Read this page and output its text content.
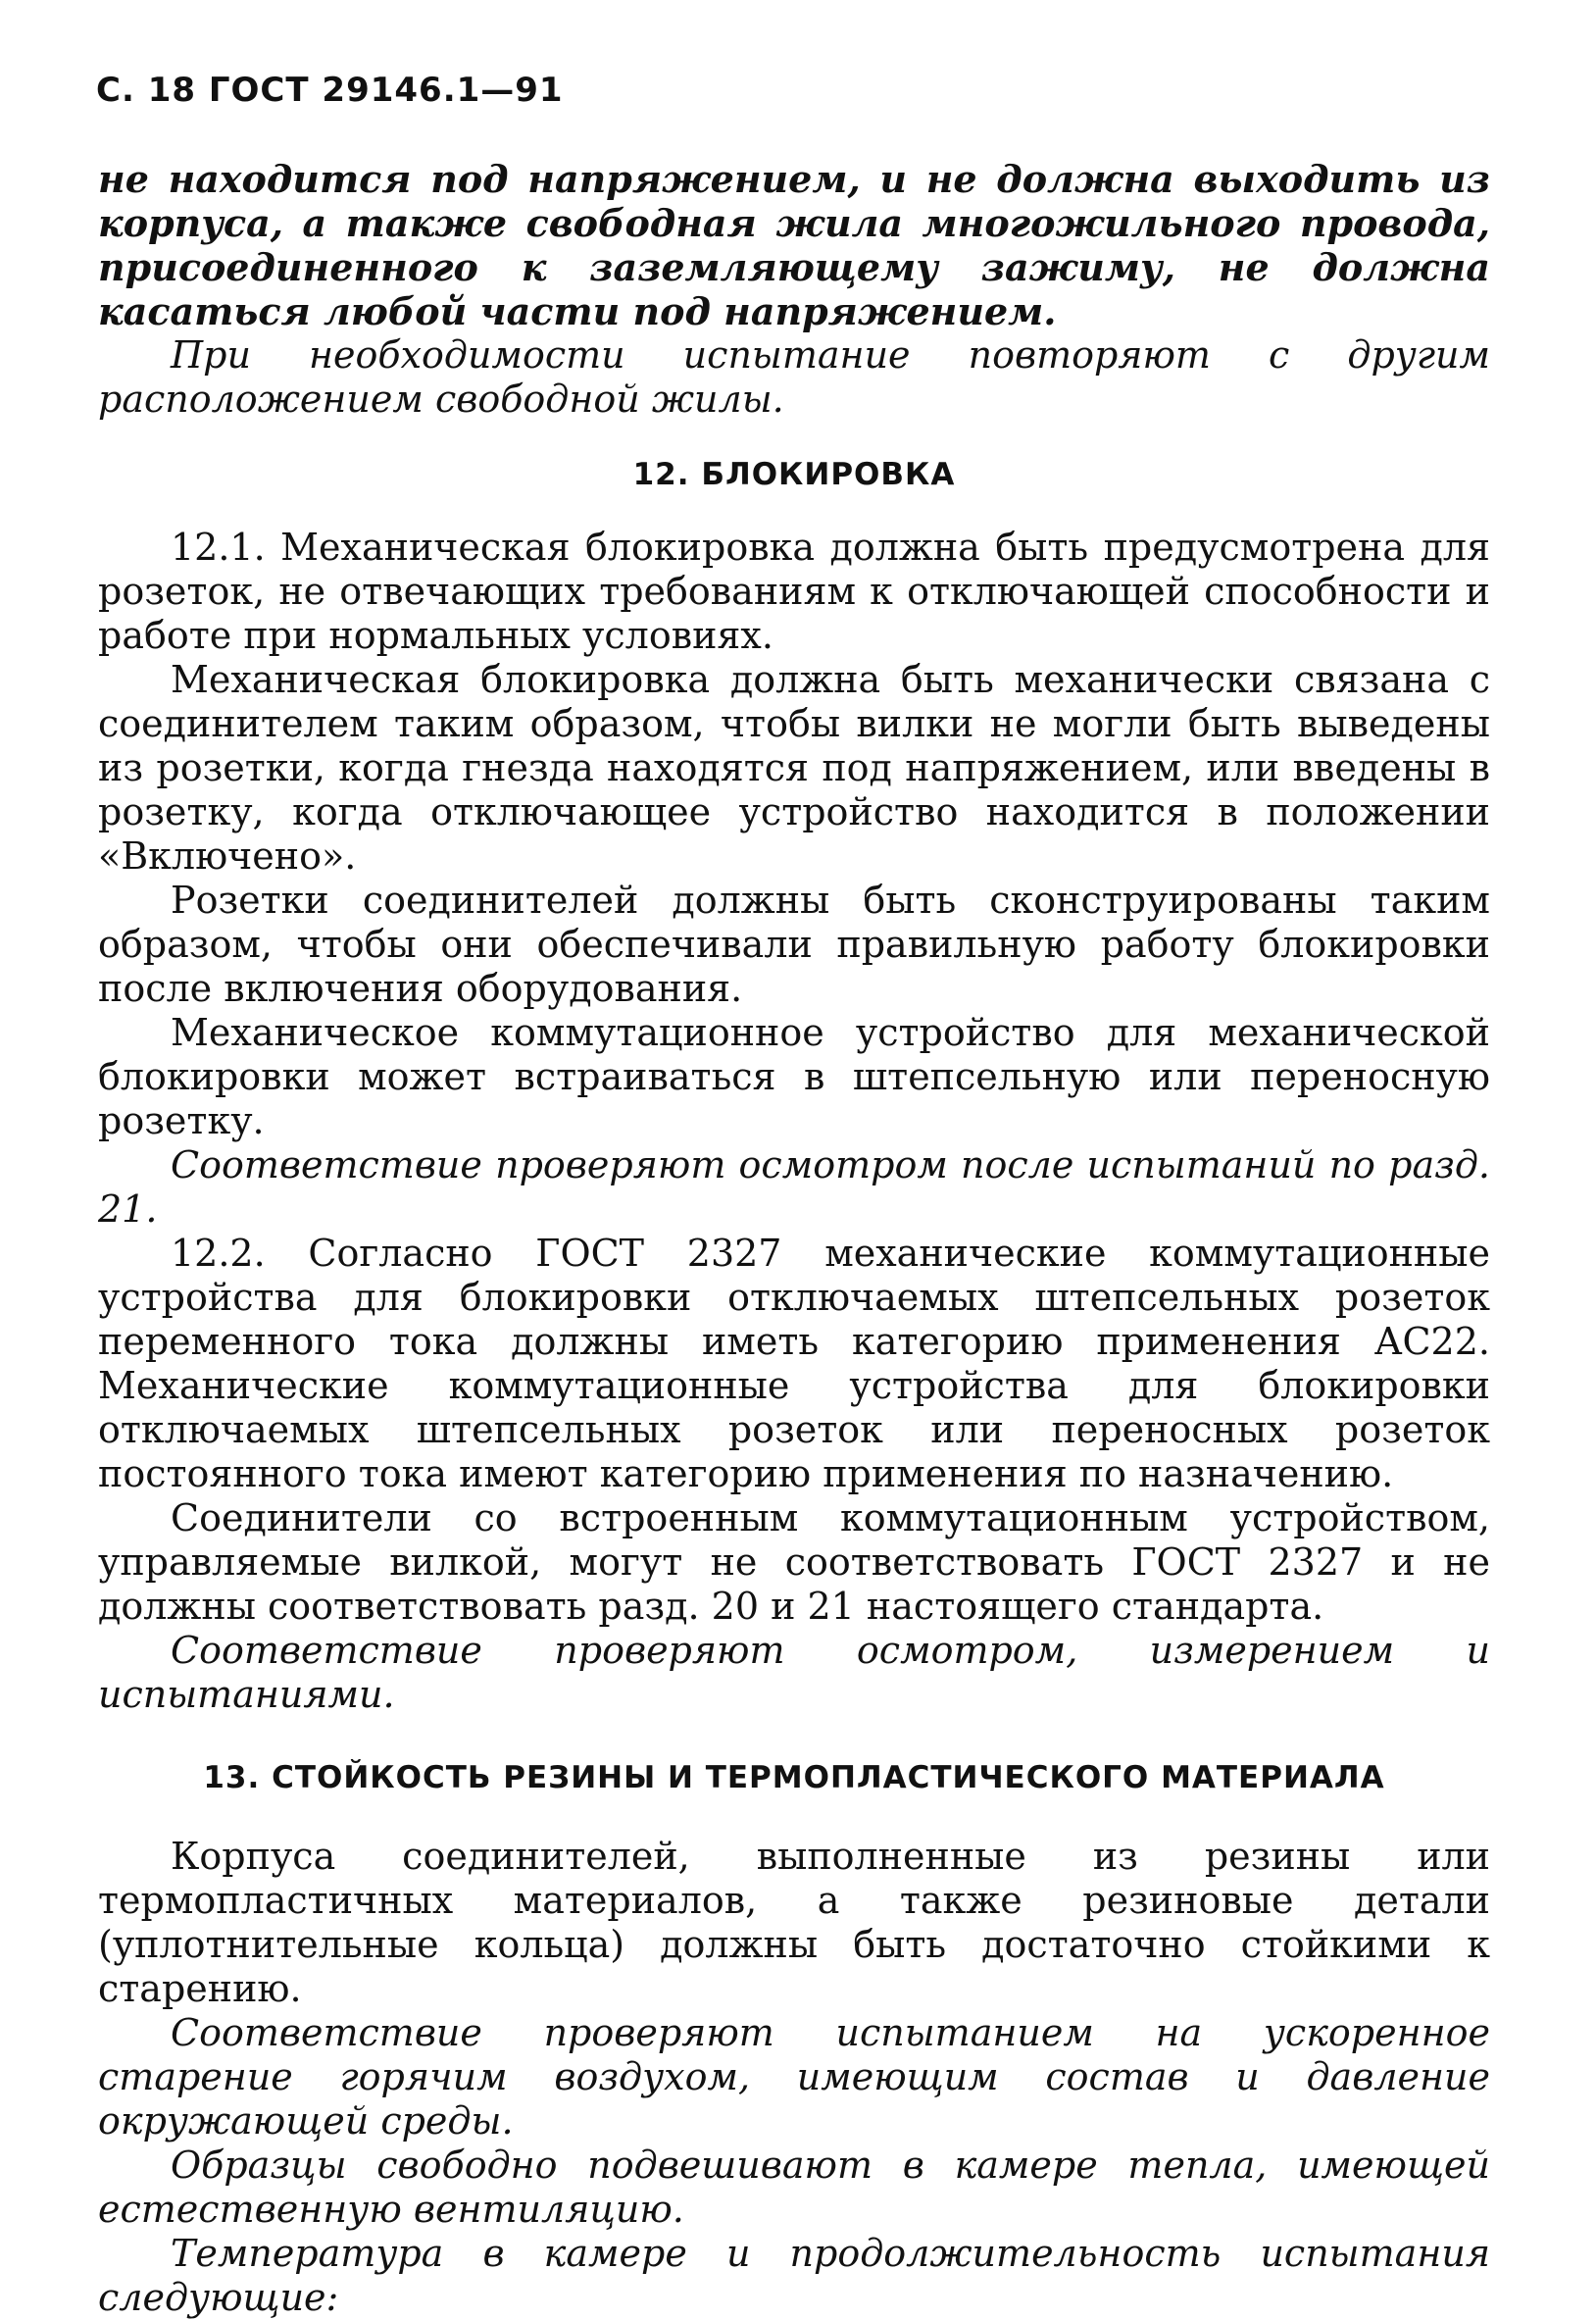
С. 18 ГОСТ 29146.1—91

не находится под напряжением, и не должна выходить из корпуса, а также свободная жила многожильного провода, присоединенного к заземляющему зажиму, не должна касаться любой части под напряжением.

При необходимости испытание повторяют с другим расположением свободной жилы.

12. БЛОКИРОВКА

12.1. Механическая блокировка должна быть предусмотрена для розеток, не отвечающих требованиям к отключающей способности и работе при нормальных условиях.

Механическая блокировка должна быть механически связана с соединителем таким образом, чтобы вилки не могли быть выведены из розетки, когда гнезда находятся под напряжением, или введены в розетку, когда отключающее устройство находится в положении «Включено».

Розетки соединителей должны быть сконструированы таким образом, чтобы они обеспечивали правильную работу блокировки после включения оборудования.

Механическое коммутационное устройство для механической блокировки может встраиваться в штепсельную или переносную розетку.

Соответствие проверяют осмотром после испытаний по разд. 21.

12.2. Согласно ГОСТ 2327 механические коммутационные устройства для блокировки отключаемых штепсельных розеток переменного тока должны иметь категорию применения АС22. Механические коммутационные устройства для блокировки отключаемых штепсельных розеток или переносных розеток постоянного тока имеют категорию применения по назначению.

Соединители со встроенным коммутационным устройством, управляемые вилкой, могут не соответствовать ГОСТ 2327 и не должны соответствовать разд. 20 и 21 настоящего стандарта.

Соответствие проверяют осмотром, измерением и испытаниями.

13. СТОЙКОСТЬ РЕЗИНЫ И ТЕРМОПЛАСТИЧЕСКОГО МАТЕРИАЛА

Корпуса соединителей, выполненные из резины или термопластичных материалов, а также резиновые детали (уплотнительные кольца) должны быть достаточно стойкими к старению.

Соответствие проверяют испытанием на ускоренное старение горячим воздухом, имеющим состав и давление окружающей среды.

Образцы свободно подвешивают в камере тепла, имеющей естественную вентиляцию.

Температура в камере и продолжительность испытания следующие:
